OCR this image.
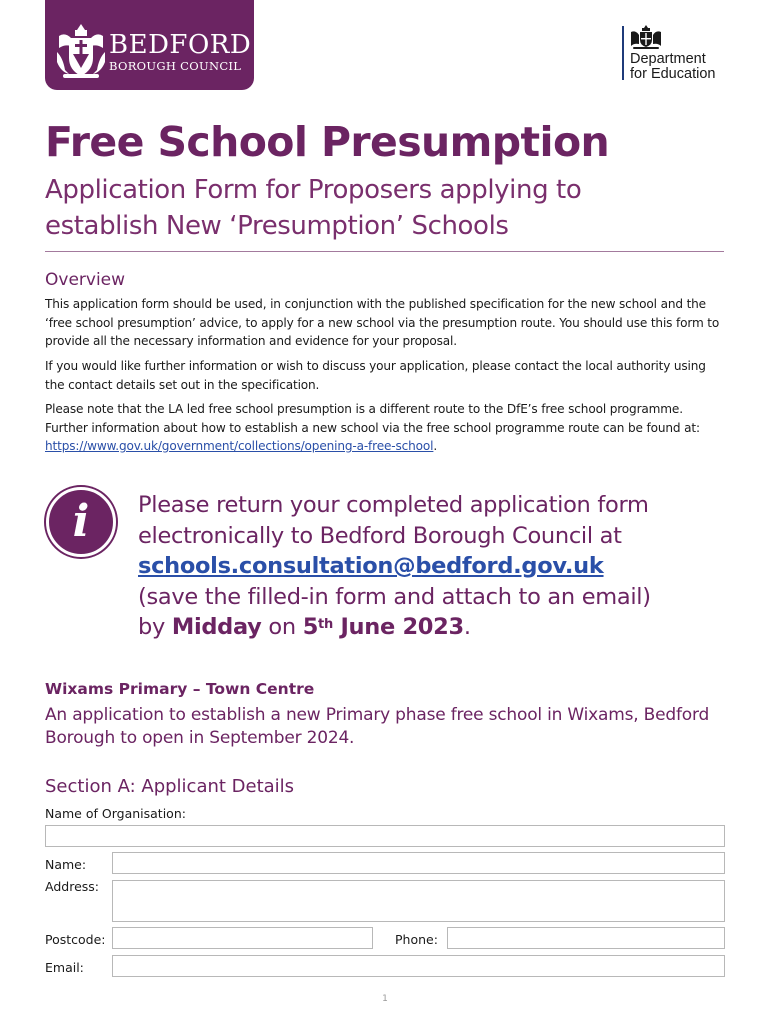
BEDFORD
BOROUGH COUNCIL	Department
for Education
Free School Presumption
Application Form for Proposers applying to establish New ‘Presumption’ Schools
Overview
This application form should be used, in conjunction with the published specification for the new school and the ‘free school presumption’ advice, to apply for a new school via the presumption route. You should use this form to provide all the necessary information and evidence for your proposal.
If you would like further information or wish to discuss your application, please contact the local authority using the contact details set out in the specification.
Please note that the LA led free school presumption is a different route to the DfE’s free school programme. Further information about how to establish a new school via the free school programme route can be found at: https://www.gov.uk/government/collections/opening-a-free-school.
i	Please return your completed application form electronically to Bedford Borough Council at
schools.consultation@bedford.gov.uk
(save the filled-in form and attach to an email)
by Midday on 5th June 2023.
Wixams Primary – Town Centre
An application to establish a new Primary phase free school in Wixams, Bedford Borough to open in September 2024.
Section A: Applicant Details
Name of Organisation:
Name:
Address:
Postcode:	Phone:
Email:
1
